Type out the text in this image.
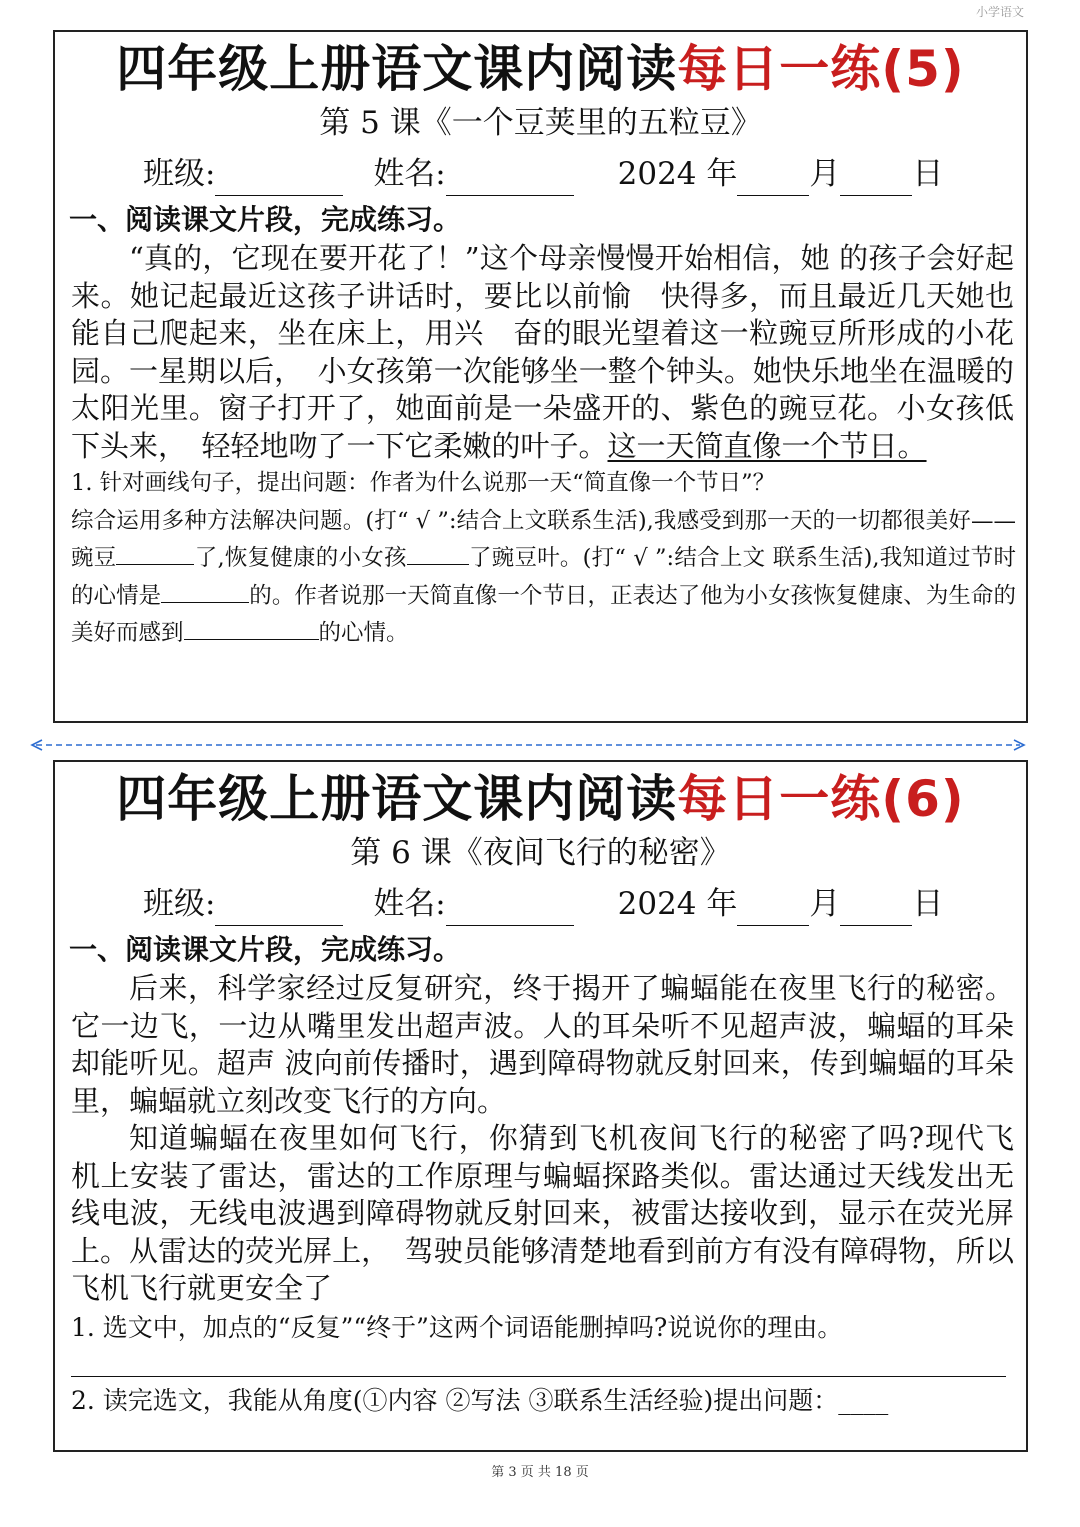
小学语文
四年级上册语文课内阅读每日一练(5)
第 5 课《一个豆荚里的五粒豆》
班级:	姓名:	2024 年 月 日
一、阅读课文片段，完成练习。
“真的，它现在要开花了！”这个母亲慢慢开始相信，她 的孩子会好起来。她记起最近这孩子讲话时，要比以前愉　快得多，而且最近几天她也能自己爬起来，坐在床上，用兴　奋的眼光望着这一粒豌豆所形成的小花园。一星期以后，　小女孩第一次能够坐一整个钟头。她快乐地坐在温暖的太阳光里。窗子打开了，她面前是一朵盛开的、紫色的豌豆花。小女孩低下头来，　轻轻地吻了一下它柔嫩的叶子。这一天简直像一个节日。
1. 针对画线句子，提出问题：作者为什么说那一天“简直像一个节日”？
综合运用多种方法解决问题。(打“ √ ”:结合上文联系生活),我感受到那一天的一切都很美好——豌豆	了,恢复健康的小女孩	了豌豆叶。(打“ √ ”:结合上文 联系生活),我知道过节时的心情是	的。作者说那一天简直像一个节日，正表达了他为小女孩恢复健康、为生命的美好而感到	的心情。
四年级上册语文课内阅读每日一练(6)
第 6 课《夜间飞行的秘密》
班级:	姓名:	2024 年 月 日
一、阅读课文片段，完成练习。
后来，科学家经过反复研究，终于揭开了蝙蝠能在夜里飞行的秘密。它一边飞，一边从嘴里发出超声波。人的耳朵听不见超声波，蝙蝠的耳朵却能听见。超声 波向前传播时，遇到障碍物就反射回来，传到蝙蝠的耳朵里，蝙蝠就立刻改变飞行的方向。
知道蝙蝠在夜里如何飞行，你猜到飞机夜间飞行的秘密了吗?现代飞机上安装了雷达，雷达的工作原理与蝙蝠探路类似。雷达通过天线发出无线电波，无线电波遇到障碍物就反射回来，被雷达接收到，显示在荧光屏上。从雷达的荧光屏上，　驾驶员能够清楚地看到前方有没有障碍物，所以飞机飞行就更安全了
1. 选文中，加点的“反复”“终于”这两个词语能删掉吗?说说你的理由。
2. 读完选文，我能从角度(①内容 ②写法 ③联系生活经验)提出问题：____
第 3 页 共 18 页
